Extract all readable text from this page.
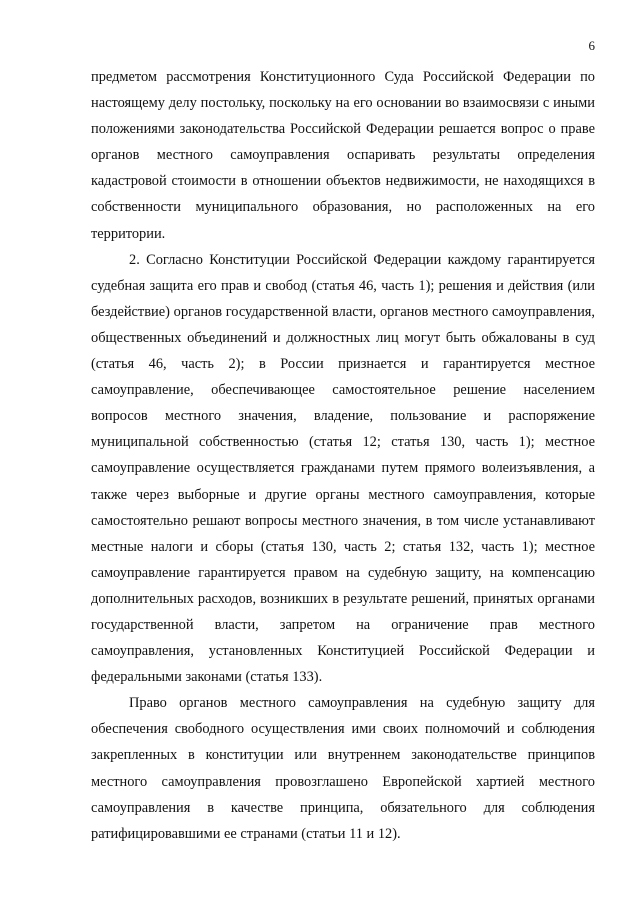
6

предметом рассмотрения Конституционного Суда Российской Федерации по настоящему делу постольку, поскольку на его основании во взаимосвязи с иными положениями законодательства Российской Федерации решается вопрос о праве органов местного самоуправления оспаривать результаты определения кадастровой стоимости в отношении объектов недвижимости, не находящихся в собственности муниципального образования, но расположенных на его территории.

2. Согласно Конституции Российской Федерации каждому гарантируется судебная защита его прав и свобод (статья 46, часть 1); решения и действия (или бездействие) органов государственной власти, органов местного самоуправления, общественных объединений и должностных лиц могут быть обжалованы в суд (статья 46, часть 2); в России признается и гарантируется местное самоуправление, обеспечивающее самостоятельное решение населением вопросов местного значения, владение, пользование и распоряжение муниципальной собственностью (статья 12; статья 130, часть 1); местное самоуправление осуществляется гражданами путем прямого волеизъявления, а также через выборные и другие органы местного самоуправления, которые самостоятельно решают вопросы местного значения, в том числе устанавливают местные налоги и сборы (статья 130, часть 2; статья 132, часть 1); местное самоуправление гарантируется правом на судебную защиту, на компенсацию дополнительных расходов, возникших в результате решений, принятых органами государственной власти, запретом на ограничение прав местного самоуправления, установленных Конституцией Российской Федерации и федеральными законами (статья 133).

Право органов местного самоуправления на судебную защиту для обеспечения свободного осуществления ими своих полномочий и соблюдения закрепленных в конституции или внутреннем законодательстве принципов местного самоуправления провозглашено Европейской хартией местного самоуправления в качестве принципа, обязательного для соблюдения ратифицировавшими ее странами (статьи 11 и 12).
